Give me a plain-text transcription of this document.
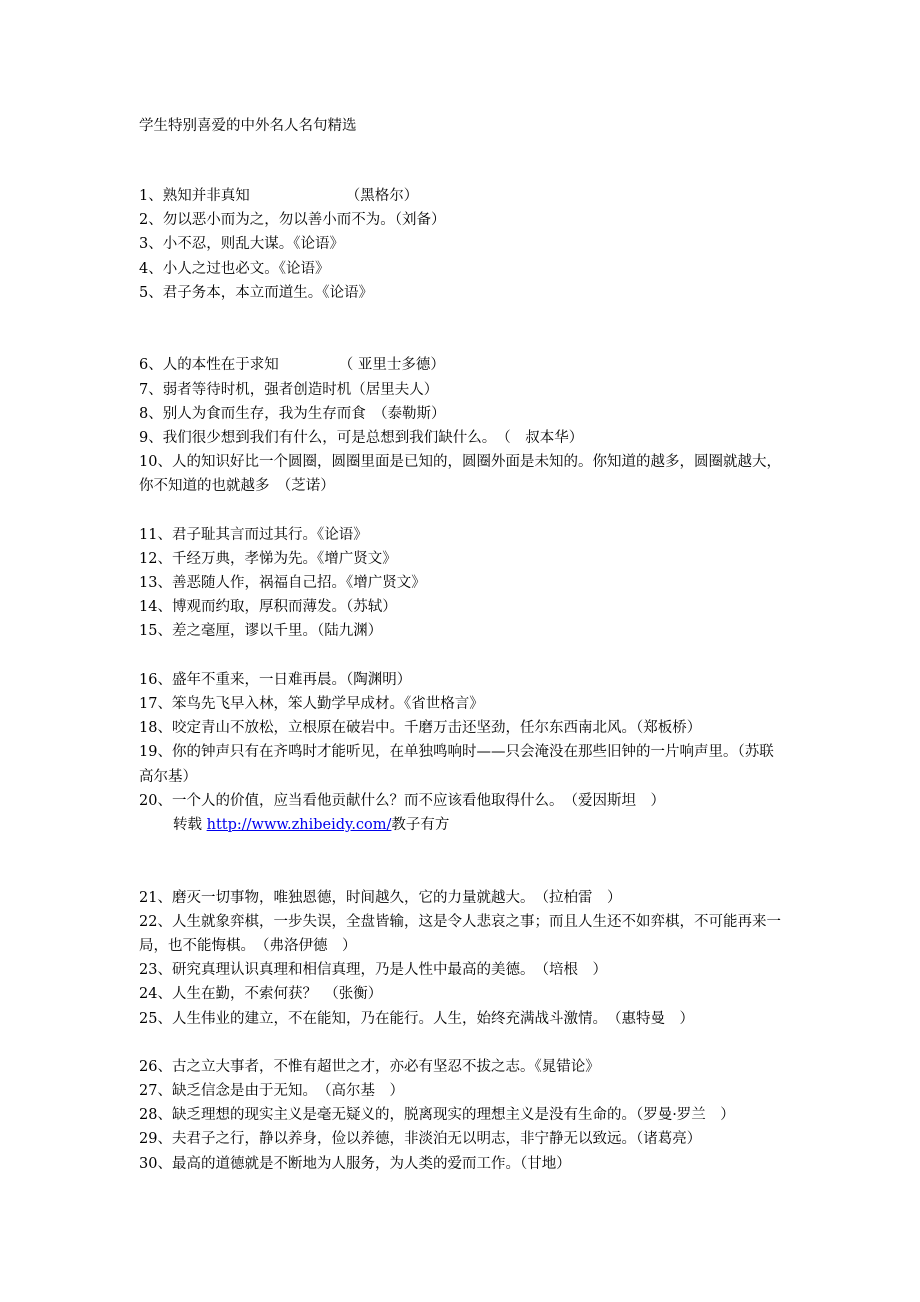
学生特别喜爱的中外名人名句精选
1、熟知并非真知	（黑格尔）
2、勿以恶小而为之，勿以善小而不为。（刘备）
3、小不忍，则乱大谋。《论语》
4、小人之过也必文。《论语》
5、君子务本，本立而道生。《论语》
6、人的本性在于求知	（ 亚里士多德）
7、弱者等待时机，强者创造时机（居里夫人）
8、别人为食而生存，我为生存而食　（泰勒斯）
9、我们很少想到我们有什么，可是总想到我们缺什么。　（　叔本华）
10、人的知识好比一个圆圈，圆圈里面是已知的，圆圈外面是未知的。你知道的越多，圆圈就越大，你不知道的也就越多　（芝诺）
11、君子耻其言而过其行。《论语》
12、千经万典，孝悌为先。《增广贤文》
13、善恶随人作，祸福自己招。《增广贤文》
14、博观而约取，厚积而薄发。（苏轼）
15、差之毫厘，谬以千里。（陆九渊）
16、盛年不重来，一日难再晨。（陶渊明）
17、笨鸟先飞早入林，笨人勤学早成材。《省世格言》
18、咬定青山不放松，立根原在破岩中。千磨万击还坚劲，任尔东西南北风。（郑板桥）
19、你的钟声只有在齐鸣时才能听见，在单独鸣响时——只会淹没在那些旧钟的一片响声里。（苏联　高尔基）
20、一个人的价值，应当看他贡献什么？而不应该看他取得什么。　（爱因斯坦　）
转载 http://www.zhibeidy.com/教子有方
21、磨灭一切事物，唯独恩德，时间越久，它的力量就越大。　（拉柏雷　）
22、人生就象弈棋，一步失误，全盘皆输，这是令人悲哀之事；而且人生还不如弈棋，不可能再来一局，也不能悔棋。　（弗洛伊德　）
23、研究真理认识真理和相信真理，乃是人性中最高的美德。　（培根　）
24、人生在勤，不索何获？　（张衡）
25、人生伟业的建立，不在能知，乃在能行。人生，始终充满战斗激情。　（惠特曼　）
26、古之立大事者，不惟有超世之才，亦必有坚忍不拔之志。《晁错论》
27、缺乏信念是由于无知。　（高尔基　）
28、缺乏理想的现实主义是毫无疑义的，脱离现实的理想主义是没有生命的。（罗曼·罗兰　）
29、夫君子之行，静以养身，俭以养德，非淡泊无以明志，非宁静无以致远。（诸葛亮）
30、最高的道德就是不断地为人服务，为人类的爱而工作。（甘地）
